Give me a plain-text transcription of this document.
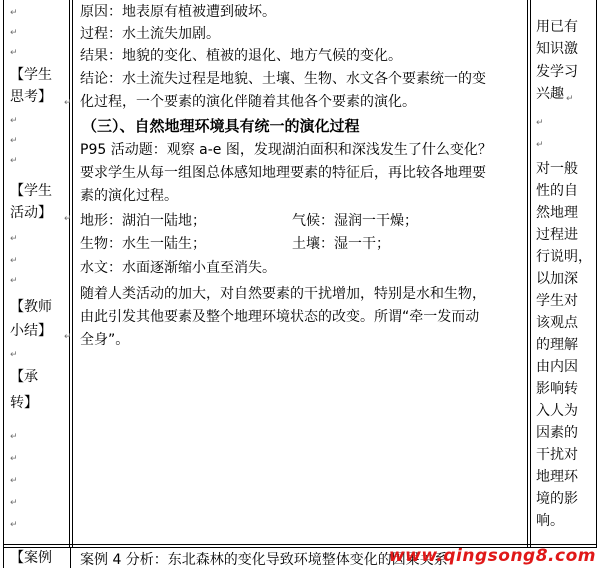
↵
↵
↵
【学生
思考】 ↵
↵
↵
↵
【学生
活动】 ↵
↵
↵
↵
【教师
小结】 ↵
↵
【承
转】
↵
↵
↵
↵
↵
【案例
原因：地表原有植被遭到破坏。
过程：水土流失加剧。
结果：地貌的变化、植被的退化、地方气候的变化。
结论：水土流失过程是地貌、土壤、生物、水文各个要素统一的变
化过程，一个要素的演化伴随着其他各个要素的演化。
（三）、自然地理环境具有统一的演化过程
P95 活动题：观察 a-e 图，发现湖泊面积和深浅发生了什么变化？
要求学生从每一组图总体感知地理要素的特征后，再比较各地理要
素的演化过程。
地形：湖泊一陆地；	气候：湿润一干燥；
生物：水生一陆生；	土壤：湿一干；
水文：水面逐渐缩小直至消失。
随着人类活动的加大，对自然要素的干扰增加，特别是水和生物，
由此引发其他要素及整个地理环境状态的改变。所谓“牵一发而动
全身”。
案例 4 分析：东北森林的变化导致环境整体变化的因果关系
用已有
知识激
发学习
兴趣 ↵
↵
↵
对一般
性的自
然地理
过程进
行说明，
以加深
学生对
该观点
的理解
由内因
影响转
入人为
因素的
干扰对
地理环
境的影
响。
www.qingsong8.com
